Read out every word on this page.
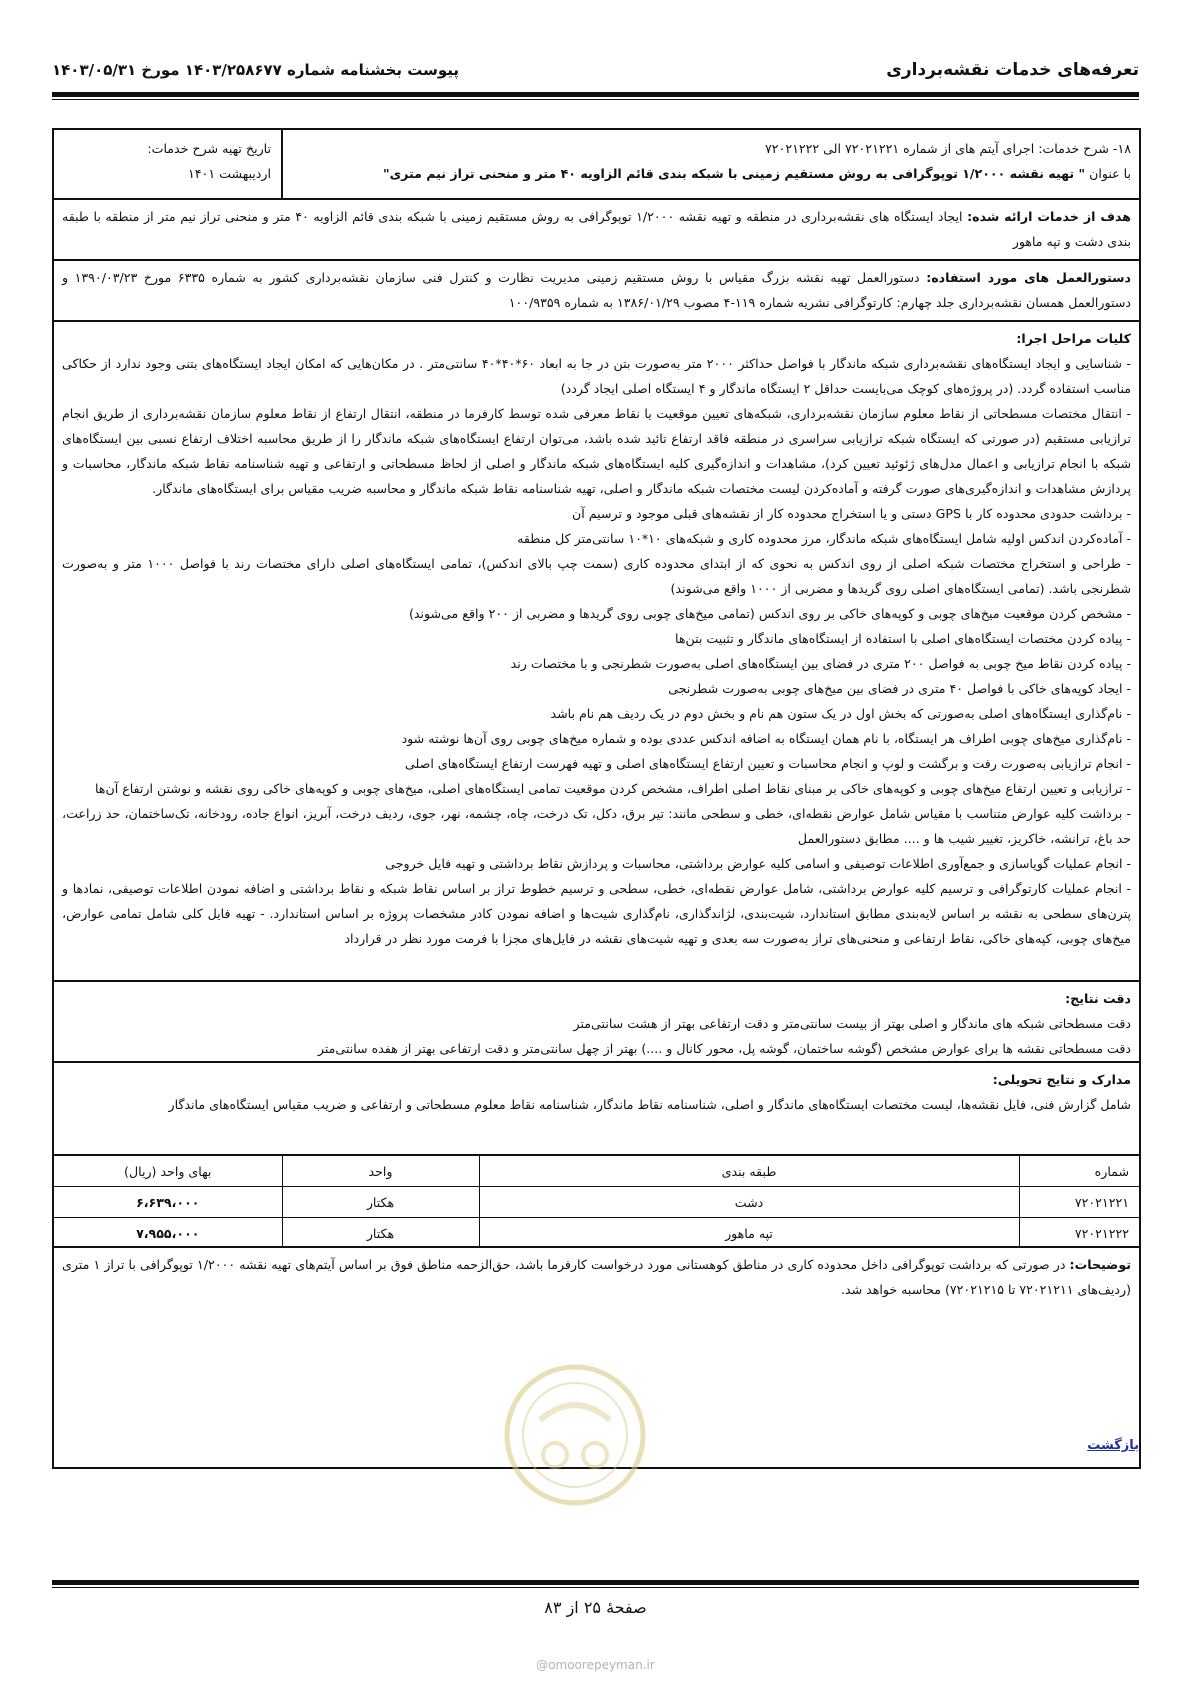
تعرفه‌های خدمات نقشه‌برداری
پیوست بخشنامه شماره ۱۴۰۳/۲۵۸۶۷۷ مورخ ۱۴۰۳/۰۵/۳۱

۱۸- شرح خدمات: اجرای آیتم های از شماره ۷۲۰۲۱۲۲۱ الی ۷۲۰۲۱۲۲۲

با عنوان " تهیه نقشه ۱/۲۰۰۰ توپوگرافی به روش مستقیم زمینی با شبکه بندی قائم الزاویه ۴۰ متر و منحنی تراز نیم متری"

تاریخ تهیه شرح خدمات:

اردیبهشت ۱۴۰۱

هدف از خدمات ارائه شده: ایجاد ایستگاه های نقشه‌برداری در منطقه و تهیه نقشه ۱/۲۰۰۰ توپوگرافی به روش مستقیم زمینی با شبکه بندی قائم الزاویه ۴۰ متر و منحنی تراز نیم متر از منطقه با طبقه بندی دشت و تپه ماهور
دستورالعمل های مورد استفاده: دستورالعمل تهیه نقشه بزرگ مقیاس با روش مستقیم زمینی مدیریت نظارت و کنترل فنی سازمان نقشه‌برداری کشور به شماره ۶۳۳۵ مورخ ۱۳۹۰/۰۳/۲۳ و دستورالعمل همسان نقشه‌برداری جلد چهارم: کارتوگرافی نشریه شماره ۱۱۹-۴ مصوب ۱۳۸۶/۰۱/۲۹ به شماره ۱۰۰/۹۳۵۹

کلیات مراحل اجرا:

- شناسایی و ایجاد ایستگاه‌های نقشه‌برداری شبکه ماندگار با فواصل حداکثر ۲۰۰۰ متر به‌صورت بتن در جا به ابعاد ۶۰*۴۰*۴۰ سانتی‌متر . در مکان‌هایی که امکان ایجاد ایستگاه‌های بتنی وجود ندارد از حکاکی مناسب استفاده گردد. (در پروژه‌های کوچک می‌بایست حداقل ۲ ایستگاه ماندگار و ۴ ایستگاه اصلی ایجاد گردد)

- انتقال مختصات مسطحاتی از نقاط معلوم سازمان نقشه‌برداری، شبکه‌های تعیین موقعیت یا نقاط معرفی شده توسط کارفرما در منطقه، انتقال ارتفاع از نقاط معلوم سازمان نقشه‌برداری از طریق انجام ترازیابی مستقیم (در صورتی که ایستگاه شبکه ترازیابی سراسری در منطقه فاقد ارتفاع تائید شده باشد، می‌توان ارتفاع ایستگاه‌های شبکه ماندگار را از طریق محاسبه اختلاف ارتفاع نسبی بین ایستگاه‌های شبکه با انجام ترازیابی و اعمال مدل‌های ژئوئید تعیین کرد)، مشاهدات و اندازه‌گیری کلیه ایستگاه‌های شبکه ماندگار و اصلی از لحاظ مسطحاتی و ارتفاعی و تهیه شناسنامه نقاط شبکه ماندگار، محاسبات و پردازش مشاهدات و اندازه‌گیری‌های صورت گرفته و آماده‌کردن لیست مختصات شبکه ماندگار و اصلی، تهیه شناسنامه نقاط شبکه ماندگار و محاسبه ضریب مقیاس برای ایستگاه‌های ماندگار.

- برداشت حدودی محدوده کار با GPS دستی و یا استخراج محدوده کار از نقشه‌های قبلی موجود و ترسیم آن

- آماده‌کردن اندکس اولیه شامل ایستگاه‌های شبکه ماندگار، مرز محدوده کاری و شبکه‌های ۱۰*۱۰ سانتی‌متر کل منطقه

- طراحی و استخراج مختصات شبکه اصلی از روی اندکس به نحوی که از ابتدای محدوده کاری (سمت چپ بالای اندکس)، تمامی ایستگاه‌های اصلی دارای مختصات رند با فواصل ۱۰۰۰ متر و به‌صورت شطرنجی باشد. (تمامی ایستگاه‌های اصلی روی گریدها و مضربی از ۱۰۰۰ واقع می‌شوند)

- مشخص کردن موقعیت میخ‌های چوبی و کوپه‌های خاکی بر روی اندکس (تمامی میخ‌های چوبی روی گریدها و مضربی از ۲۰۰ واقع می‌شوند)

- پیاده کردن مختصات ایستگاه‌های اصلی با استفاده از ایستگاه‌های ماندگار و تثبیت بتن‌ها

- پیاده کردن نقاط میخ چوبی به فواصل ۲۰۰ متری در فضای بین ایستگاه‌های اصلی به‌صورت شطرنجی و با مختصات رند

- ایجاد کوپه‌های خاکی با فواصل ۴۰ متری در فضای بین میخ‌های چوبی به‌صورت شطرنجی

- نام‌گذاری ایستگاه‌های اصلی به‌صورتی که بخش اول در یک ستون هم نام و بخش دوم در یک ردیف هم نام باشد

- نام‌گذاری میخ‌های چوبی اطراف هر ایستگاه، با نام همان ایستگاه به اضافه اندکس عددی بوده و شماره میخ‌های چوبی روی آن‌ها نوشته شود

- انجام ترازیابی به‌صورت رفت و برگشت و لوپ و انجام محاسبات و تعیین ارتفاع ایستگاه‌های اصلی و تهیه فهرست ارتفاع ایستگاه‌های اصلی

- ترازیابی و تعیین ارتفاع میخ‌های چوبی و کوپه‌های خاکی بر مبنای نقاط اصلی اطراف، مشخص کردن موقعیت تمامی ایستگاه‌های اصلی، میخ‌های چوبی و کوپه‌های خاکی روی نقشه و نوشتن ارتفاع آن‌ها

- برداشت کلیه عوارض متناسب با مقیاس شامل عوارض نقطه‌ای، خطی و سطحی مانند: تیر برق، دکل، تک درخت، چاه، چشمه، نهر، جوی، ردیف درخت، آبریز، انواع جاده، رودخانه، تک‌ساختمان، حد زراعت، حد باغ، ترانشه، خاکریز، تغییر شیب ها و .... مطابق دستورالعمل

- انجام عملیات گویاسازی و جمع‌آوری اطلاعات توصیفی و اسامی کلیه عوارض برداشتی، محاسبات و پردازش نقاط برداشتی و تهیه فایل خروجی

- انجام عملیات کارتوگرافی و ترسیم کلیه عوارض برداشتی، شامل عوارض نقطه‌ای، خطی، سطحی و ترسیم خطوط تراز بر اساس نقاط شبکه و نقاط برداشتی و اضافه نمودن اطلاعات توصیفی، نمادها و پترن‌های سطحی به نقشه بر اساس لایه‌بندی مطابق استاندارد، شیت‌بندی، لژاندگذاری، نام‌گذاری شیت‌ها و اضافه نمودن کادر مشخصات پروژه بر اساس استاندارد. - تهیه فایل کلی شامل تمامی عوارض، میخ‌های چوبی، کپه‌های خاکی، نقاط ارتفاعی و منحنی‌های تراز به‌صورت سه بعدی و تهیه شیت‌های نقشه در فایل‌های مجزا با فرمت مورد نظر در قرارداد

دقت نتایج:

دقت مسطحاتی شبکه های ماندگار و اصلی بهتر از بیست سانتی‌متر و دقت ارتفاعی بهتر از هشت سانتی‌متر

دقت مسطحاتی نقشه ها برای عوارض مشخص (گوشه ساختمان، گوشه پل، محور کانال و ....) بهتر از چهل سانتی‌متر و دقت ارتفاعی بهتر از هفده سانتی‌متر

مدارک و نتایج تحویلی:

شامل گزارش فنی، فایل نقشه‌ها، لیست مختصات ایستگاه‌های ماندگار و اصلی، شناسنامه نقاط ماندگار، شناسنامه نقاط معلوم مسطحاتی و ارتفاعی و ضریب مقیاس ایستگاه‌های ماندگار

شماره	طبقه بندی	واحد	بهای واحد (ریال)
۷۲۰۲۱۲۲۱	دشت	هکتار	۶،۶۳۹،۰۰۰
۷۲۰۲۱۲۲۲	تپه ماهور	هکتار	۷،۹۵۵،۰۰۰
توضیحات: در صورتی که برداشت توپوگرافی داخل محدوده کاری در مناطق کوهستانی مورد درخواست کارفرما باشد، حق‌الزحمه مناطق فوق بر اساس آیتم‌های تهیه نقشه ۱/۲۰۰۰ توپوگرافی با تراز ۱ متری (ردیف‌های ۷۲۰۲۱۲۱۱ تا ۷۲۰۲۱۲۱۵) محاسبه خواهد شد.
بازگشت
صفحهٔ ۲۵ از ۸۳
@omoorepeyman.ir
